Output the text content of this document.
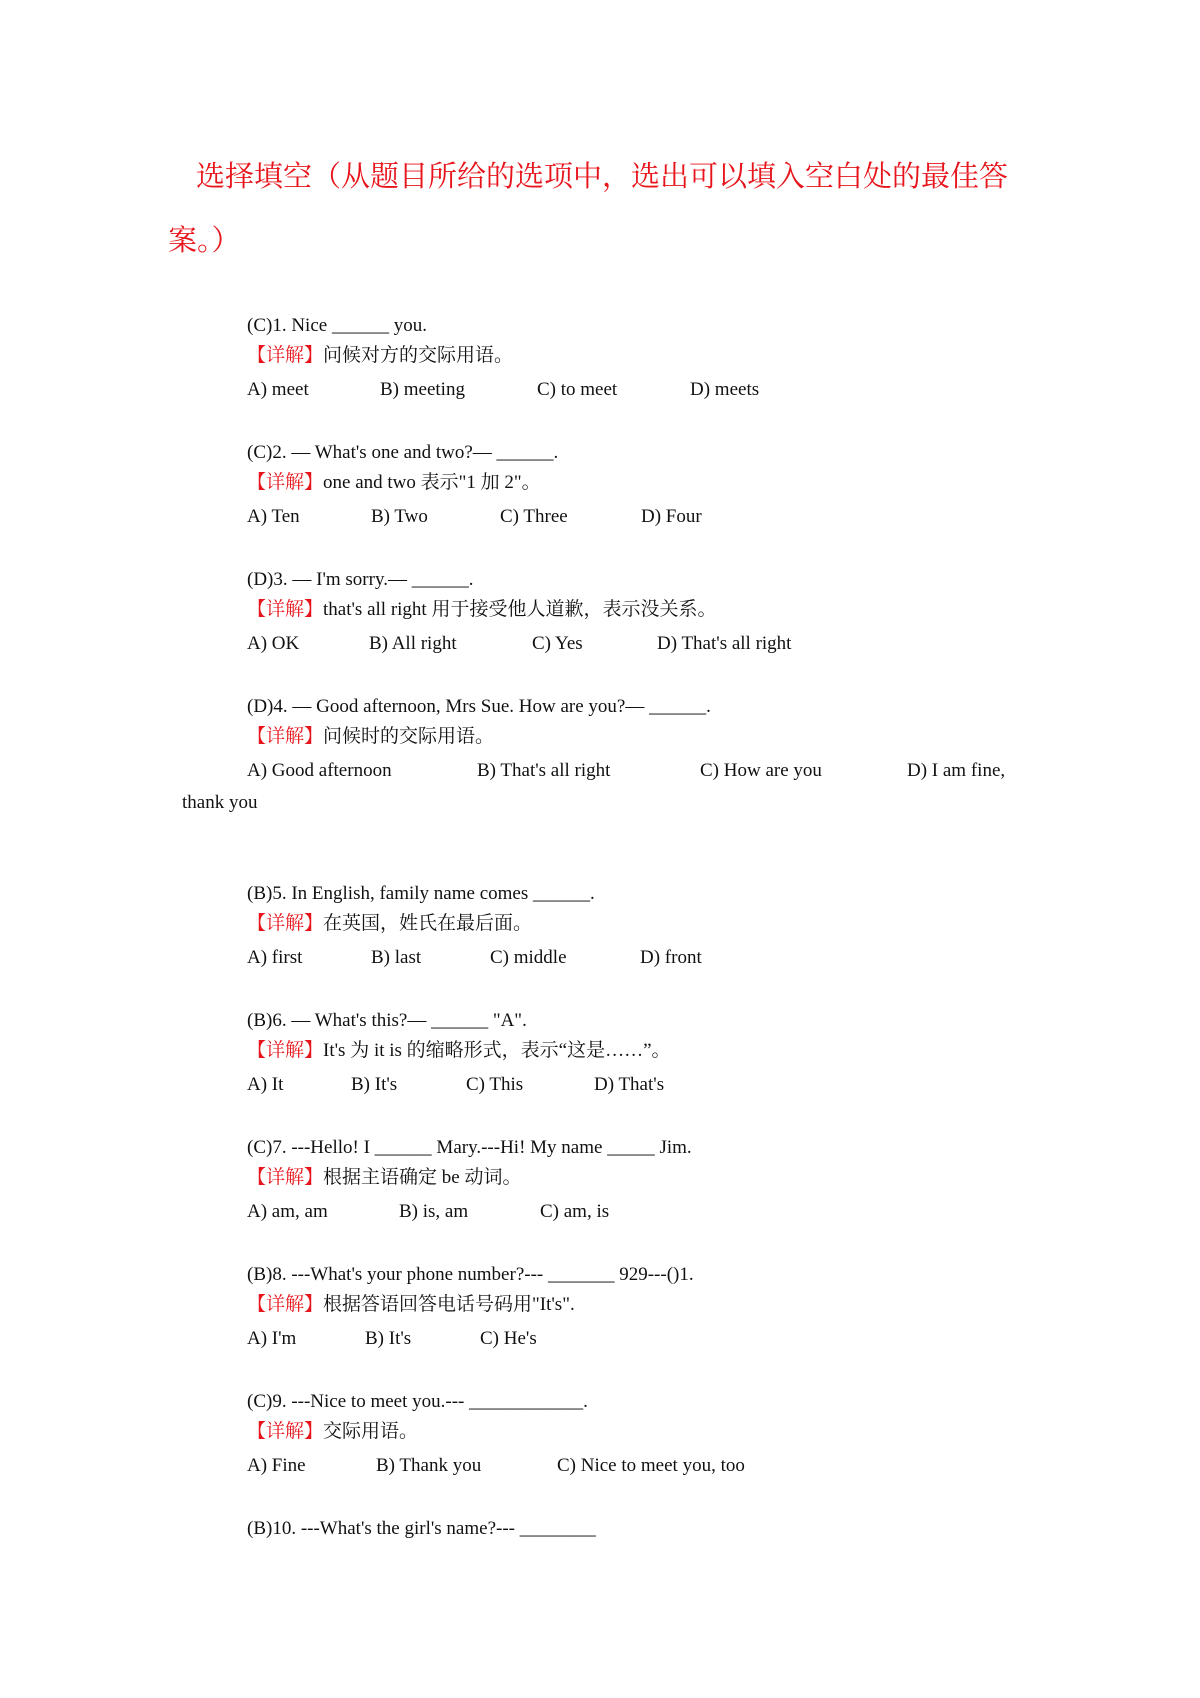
选择填空（从题目所给的选项中，选出可以填入空白处的最佳答
案。）
(C)1. Nice ______ you.
【详解】问候对方的交际用语。
A) meet	B) meeting	C) to meet	D) meets
(C)2. — What's one and two?— ______.
【详解】one and two 表示"1 加 2"。
A) Ten	B) Two	C) Three	D) Four
(D)3. — I'm sorry.— ______.
【详解】that's all right 用于接受他人道歉，表示没关系。
A) OK	B) All right	C) Yes	D) That's all right
(D)4. — Good afternoon, Mrs Sue. How are you?— ______.
【详解】问候时的交际用语。
A) Good afternoon	B) That's all right	C) How are you	D) I am fine,
thank you
(B)5. In English, family name comes ______.
【详解】在英国，姓氏在最后面。
A) first	B) last	C) middle	D) front
(B)6. — What's this?— ______ "A".
【详解】It's 为 it is 的缩略形式，表示“这是……”。
A) It	B) It's	C) This	D) That's
(C)7. ---Hello! I ______ Mary.---Hi! My name _____ Jim.
【详解】根据主语确定 be 动词。
A) am, am	B) is, am	C) am, is
(B)8. ---What's your phone number?--- _______ 929---()1.
【详解】根据答语回答电话号码用"It's".
A) I'm	B) It's	C) He's
(C)9. ---Nice to meet you.--- ____________.
【详解】交际用语。
A) Fine	B) Thank you	C) Nice to meet you, too
(B)10. ---What's the girl's name?--- ________
